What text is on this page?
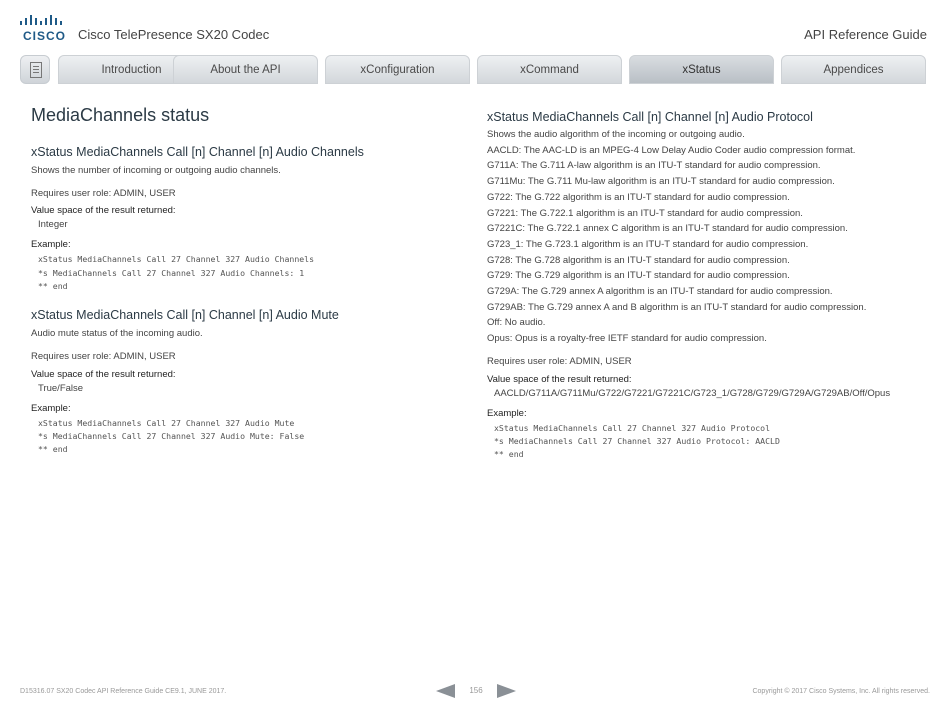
CISCO Cisco TelePresence SX20 Codec	API Reference Guide
Introduction	About the API	xConfiguration	xCommand	xStatus	Appendices
MediaChannels status
xStatus MediaChannels Call [n] Channel [n] Audio Channels
Shows the number of incoming or outgoing audio channels.
Requires user role: ADMIN, USER
Value space of the result returned:
Integer
Example:
xStatus MediaChannels Call 27 Channel 327 Audio Channels
*s MediaChannels Call 27 Channel 327 Audio Channels: 1
** end
xStatus MediaChannels Call [n] Channel [n] Audio Mute
Audio mute status of the incoming audio.
Requires user role: ADMIN, USER
Value space of the result returned:
True/False
Example:
xStatus MediaChannels Call 27 Channel 327 Audio Mute
*s MediaChannels Call 27 Channel 327 Audio Mute: False
** end
xStatus MediaChannels Call [n] Channel [n] Audio Protocol
Shows the audio algorithm of the incoming or outgoing audio.
AACLD: The AAC-LD is an MPEG-4 Low Delay Audio Coder audio compression format.
G711A: The G.711 A-law algorithm is an ITU-T standard for audio compression.
G711Mu: The G.711 Mu-law algorithm is an ITU-T standard for audio compression.
G722: The G.722 algorithm is an ITU-T standard for audio compression.
G7221: The G.722.1 algorithm is an ITU-T standard for audio compression.
G7221C: The G.722.1 annex C algorithm is an ITU-T standard for audio compression.
G723_1: The G.723.1 algorithm is an ITU-T standard for audio compression.
G728: The G.728 algorithm is an ITU-T standard for audio compression.
G729: The G.729 algorithm is an ITU-T standard for audio compression.
G729A: The G.729 annex A algorithm is an ITU-T standard for audio compression.
G729AB: The G.729 annex A and B algorithm is an ITU-T standard for audio compression.
Off: No audio.
Opus: Opus is a royalty-free IETF standard for audio compression.
Requires user role: ADMIN, USER
Value space of the result returned:
AACLD/G711A/G711Mu/G722/G7221/G7221C/G723_1/G728/G729/G729A/G729AB/Off/Opus
Example:
xStatus MediaChannels Call 27 Channel 327 Audio Protocol
*s MediaChannels Call 27 Channel 327 Audio Protocol: AACLD
** end
D15316.07 SX20 Codec API Reference Guide CE9.1, JUNE 2017.	156	Copyright © 2017 Cisco Systems, Inc. All rights reserved.
